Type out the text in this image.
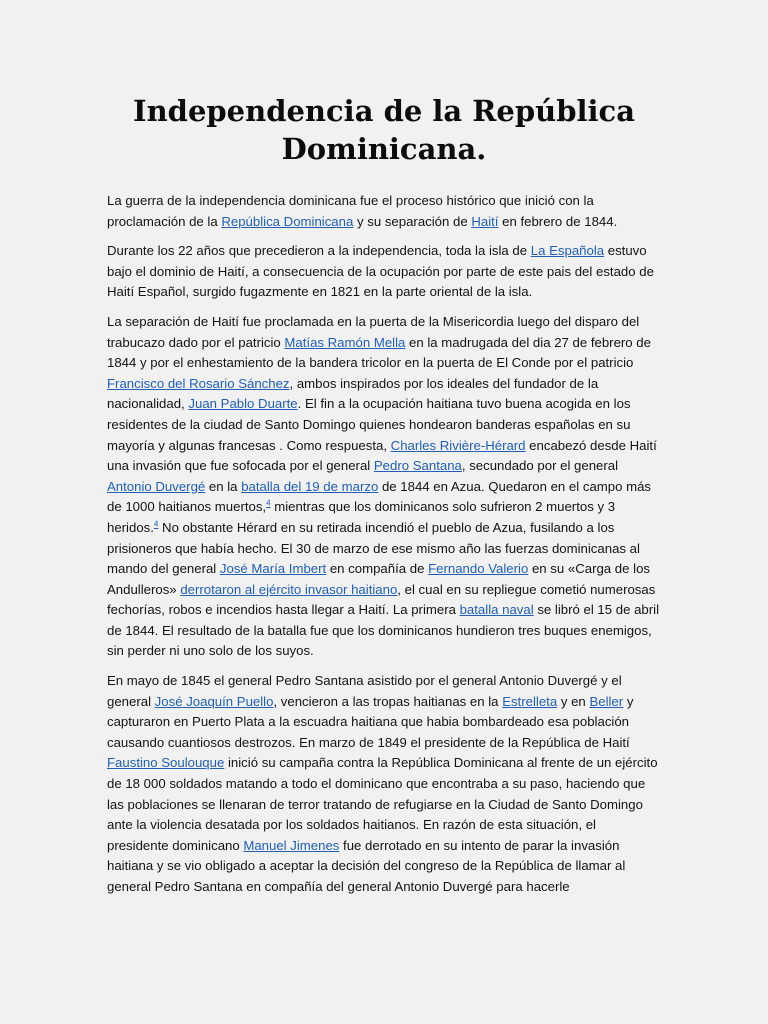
Independencia de la República Dominicana.

La guerra de la independencia dominicana fue el proceso histórico que inició con la proclamación de la República Dominicana y su separación de Haití en febrero de 1844.

Durante los 22 años que precedieron a la independencia, toda la isla de La Española estuvo bajo el dominio de Haití, a consecuencia de la ocupación por parte de este pais del estado de Haití Español, surgido fugazmente en 1821 en la parte oriental de la isla.

La separación de Haití fue proclamada en la puerta de la Misericordia luego del disparo del trabucazo dado por el patricio Matías Ramón Mella en la madrugada del dia 27 de febrero de 1844 y por el enhestamiento de la bandera tricolor en la puerta de El Conde por el patricio Francisco del Rosario Sánchez, ambos inspirados por los ideales del fundador de la nacionalidad, Juan Pablo Duarte. El fin a la ocupación haitiana tuvo buena acogida en los residentes de la ciudad de Santo Domingo quienes hondearon banderas españolas en su mayoría y algunas francesas . Como respuesta, Charles Rivière-Hérard encabezó desde Haití una invasión que fue sofocada por el general Pedro Santana, secundado por el general Antonio Duvergé en la batalla del 19 de marzo de 1844 en Azua. Quedaron en el campo más de 1000 haitianos muertos,$^4$ mientras que los dominicanos solo sufrieron 2 muertos y 3 heridos.$^4$ No obstante Hérard en su retirada incendió el pueblo de Azua, fusilando a los prisioneros que había hecho. El 30 de marzo de ese mismo año las fuerzas dominicanas al mando del general José María Imbert en compañía de Fernando Valerio en su «Carga de los Andulleros» derrotaron al ejército invasor haitiano, el cual en su repliegue cometió numerosas fechorías, robos e incendios hasta llegar a Haití. La primera batalla naval se libró el 15 de abril de 1844. El resultado de la batalla fue que los dominicanos hundieron tres buques enemigos, sin perder ni uno solo de los suyos.

En mayo de 1845 el general Pedro Santana asistido por el general Antonio Duvergé y el general José Joaquín Puello, vencieron a las tropas haitianas en la Estrelleta y en Beller y capturaron en Puerto Plata a la escuadra haitiana que habia bombardeado esa población causando cuantiosos destrozos. En marzo de 1849 el presidente de la República de Haití Faustino Soulouque inició su campaña contra la República Dominicana al frente de un ejército de 18 000 soldados matando a todo el dominicano que encontraba a su paso, haciendo que las poblaciones se llenaran de terror tratando de refugiarse en la Ciudad de Santo Domingo ante la violencia desatada por los soldados haitianos. En razón de esta situación, el presidente dominicano Manuel Jimenes fue derrotado en su intento de parar la invasión haitiana y se vio obligado a aceptar la decisión del congreso de la República de llamar al general Pedro Santana en compañía del general Antonio Duvergé para hacerle
